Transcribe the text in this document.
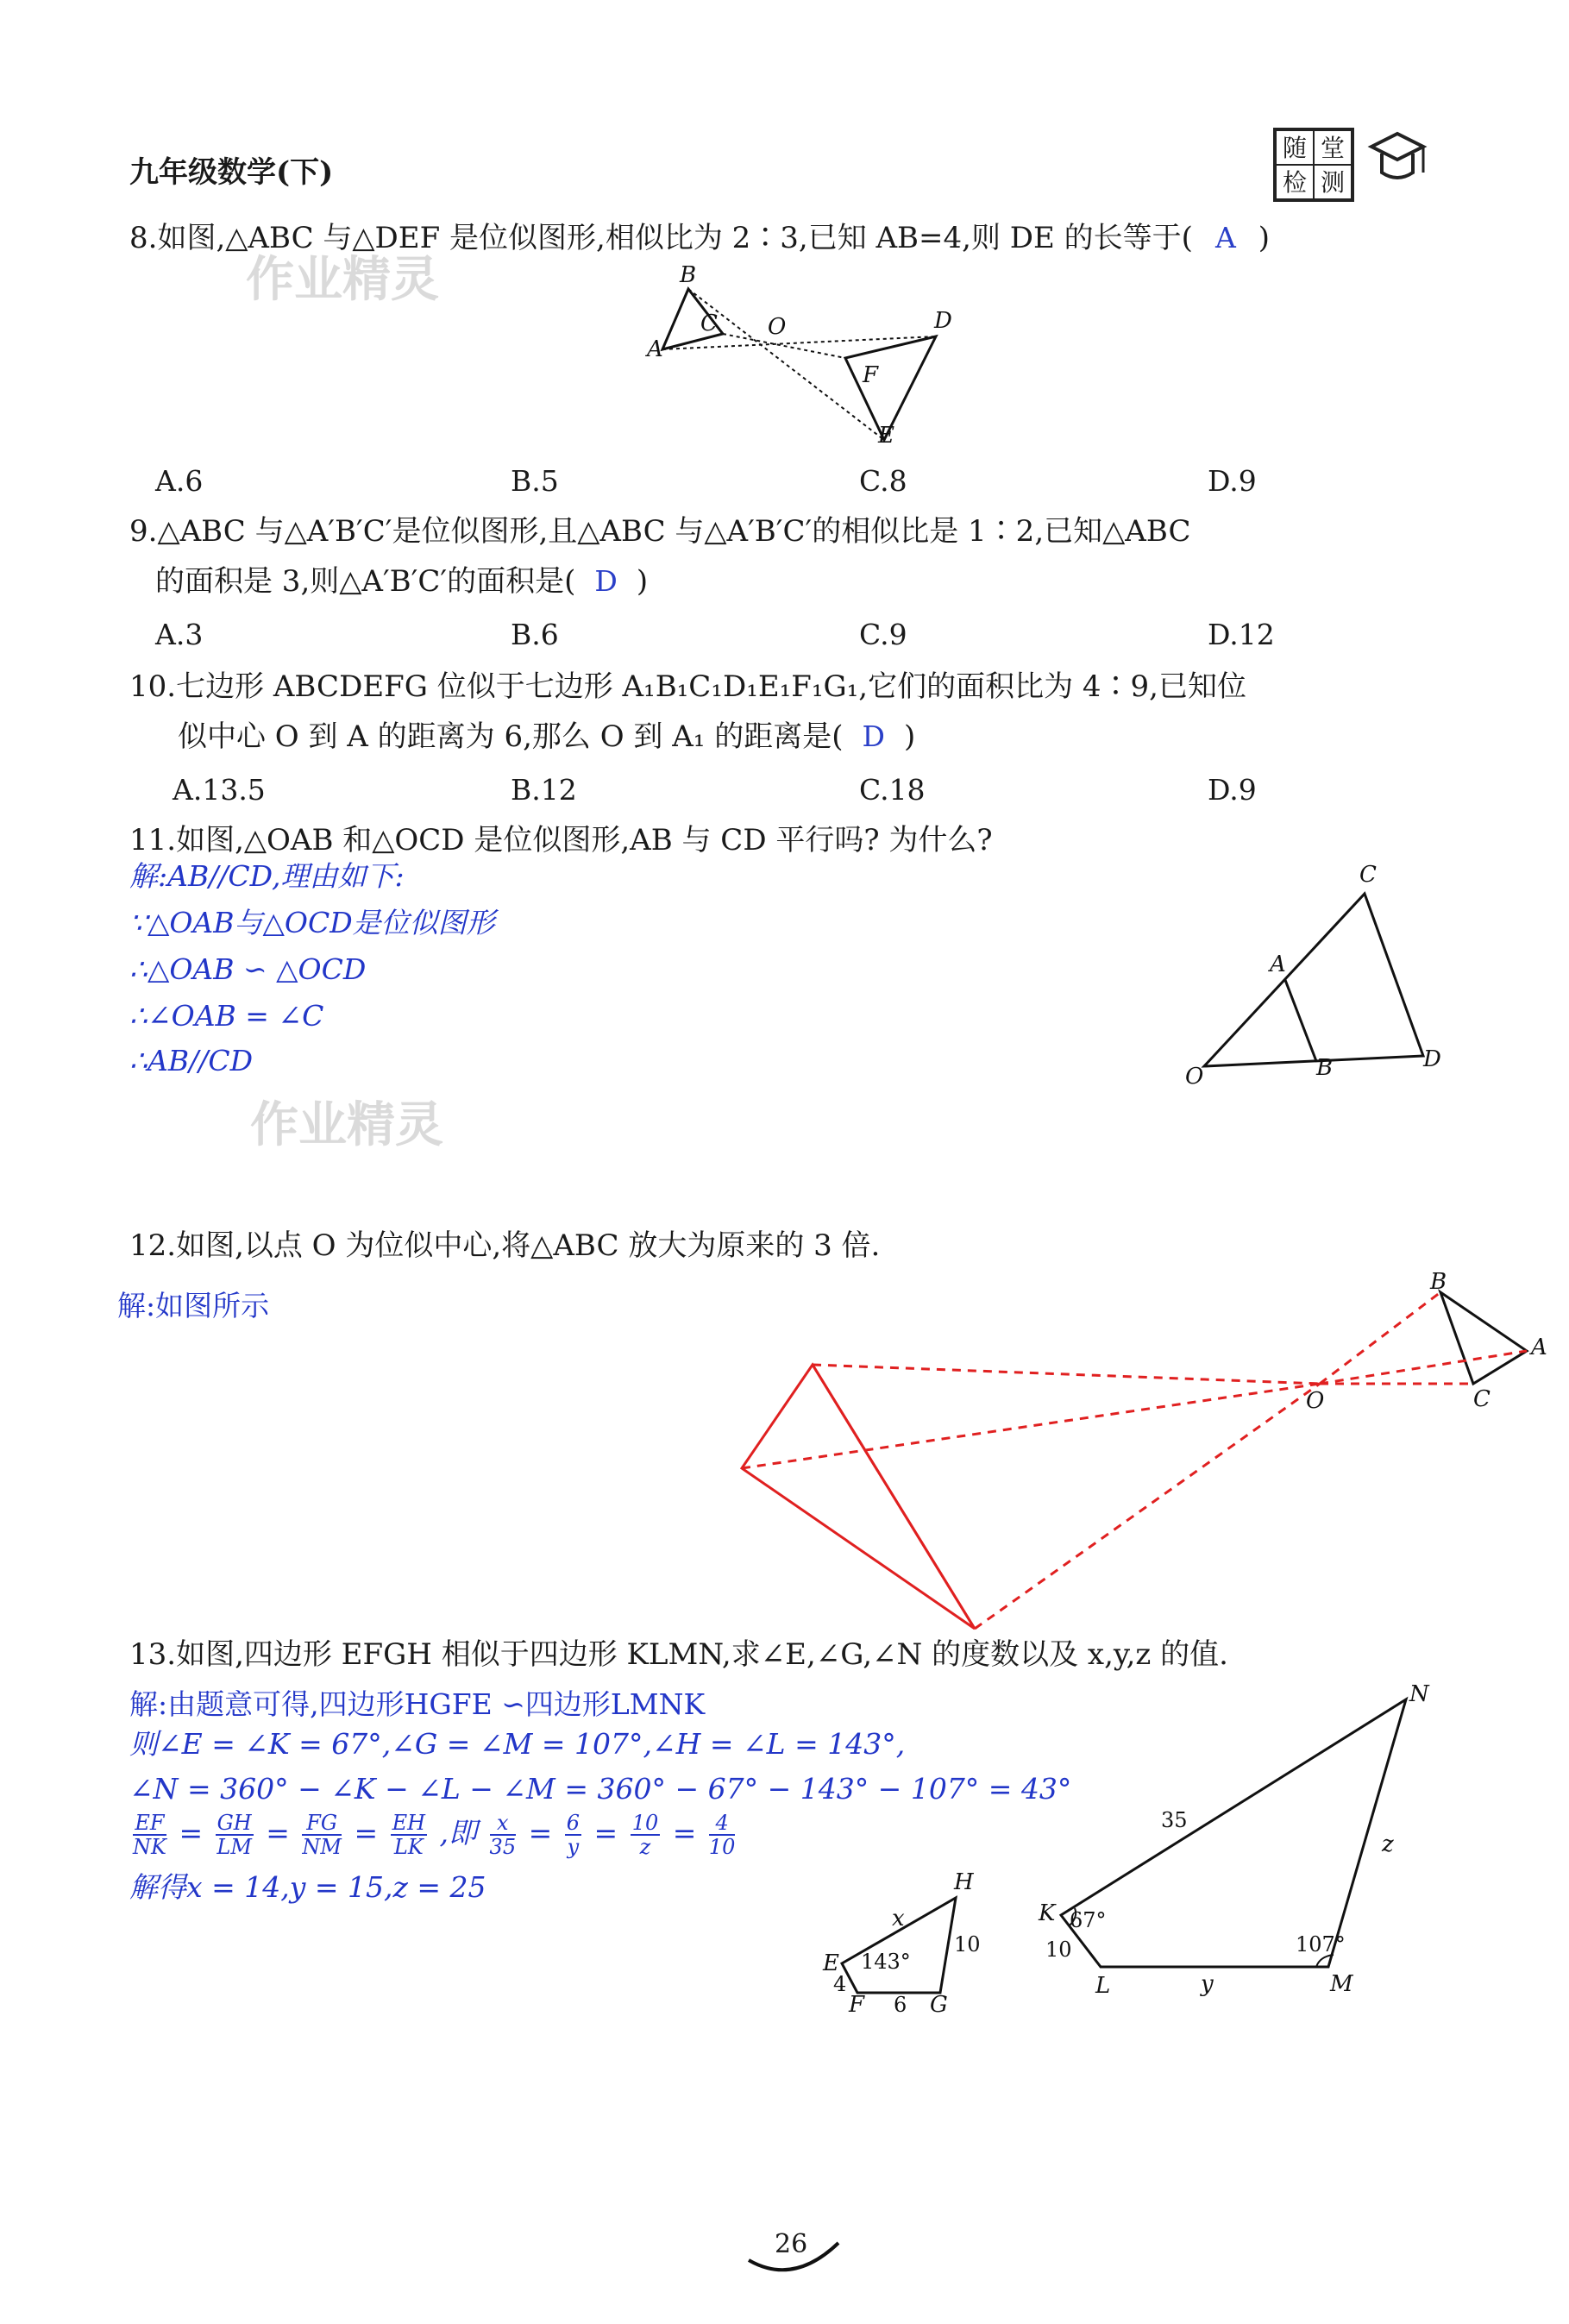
九年级数学(下)
随 堂
检 测
作业精灵
作业精灵
8.如图,△ABC 与△DEF 是位似图形,相似比为 2∶3,已知 AB=4,则 DE 的长等于( A )
A
B
C O	D
F
E
A.6	B.5	C.8	D.9
9.△ABC 与△A′B′C′是位似图形,且△ABC 与△A′B′C′的相似比是 1∶2,已知△ABC
的面积是 3,则△A′B′C′的面积是( D )
A.3	B.6	C.9	D.12
10.七边形 ABCDEFG 位似于七边形 A₁B₁C₁D₁E₁F₁G₁,它们的面积比为 4∶9,已知位
似中心 O 到 A 的距离为 6,那么 O 到 A₁ 的距离是( D )
A.13.5	B.12	C.18	D.9
11.如图,△OAB 和△OCD 是位似图形,AB 与 CD 平行吗? 为什么?
解:AB//CD,理由如下:
∵△OAB与△OCD是位似图形
∴△OAB ∽ △OCD
∴∠OAB = ∠C
∴AB//CD	O
A
B
C
D
12.如图,以点 O 为位似中心,将△ABC 放大为原来的 3 倍.
解:如图所示
B
A
C
O
13.如图,四边形 EFGH 相似于四边形 KLMN,求∠E,∠G,∠N 的度数以及 x,y,z 的值.
解:由题意可得,四边形HGFE ∽四边形LMNK
则∠E = ∠K = 67°,∠G = ∠M = 107°,∠H = ∠L = 143°,
∠N = 360° − ∠K − ∠L − ∠M = 360° − 67° − 143° − 107° = 43°
$\frac{EF}{NK} = \frac{GH}{LM} = \frac{FG}{NM} = \frac{EH}{LK}$ ,即 $\frac{x}{35} = \frac{6}{y} = \frac{10}{z} = \frac{4}{10}$
解得x = 14,y = 15,z = 25
E
F	G
H
143°
x
10
4
6
K
L	M
N
67°
107°
35
z
10
y
26
